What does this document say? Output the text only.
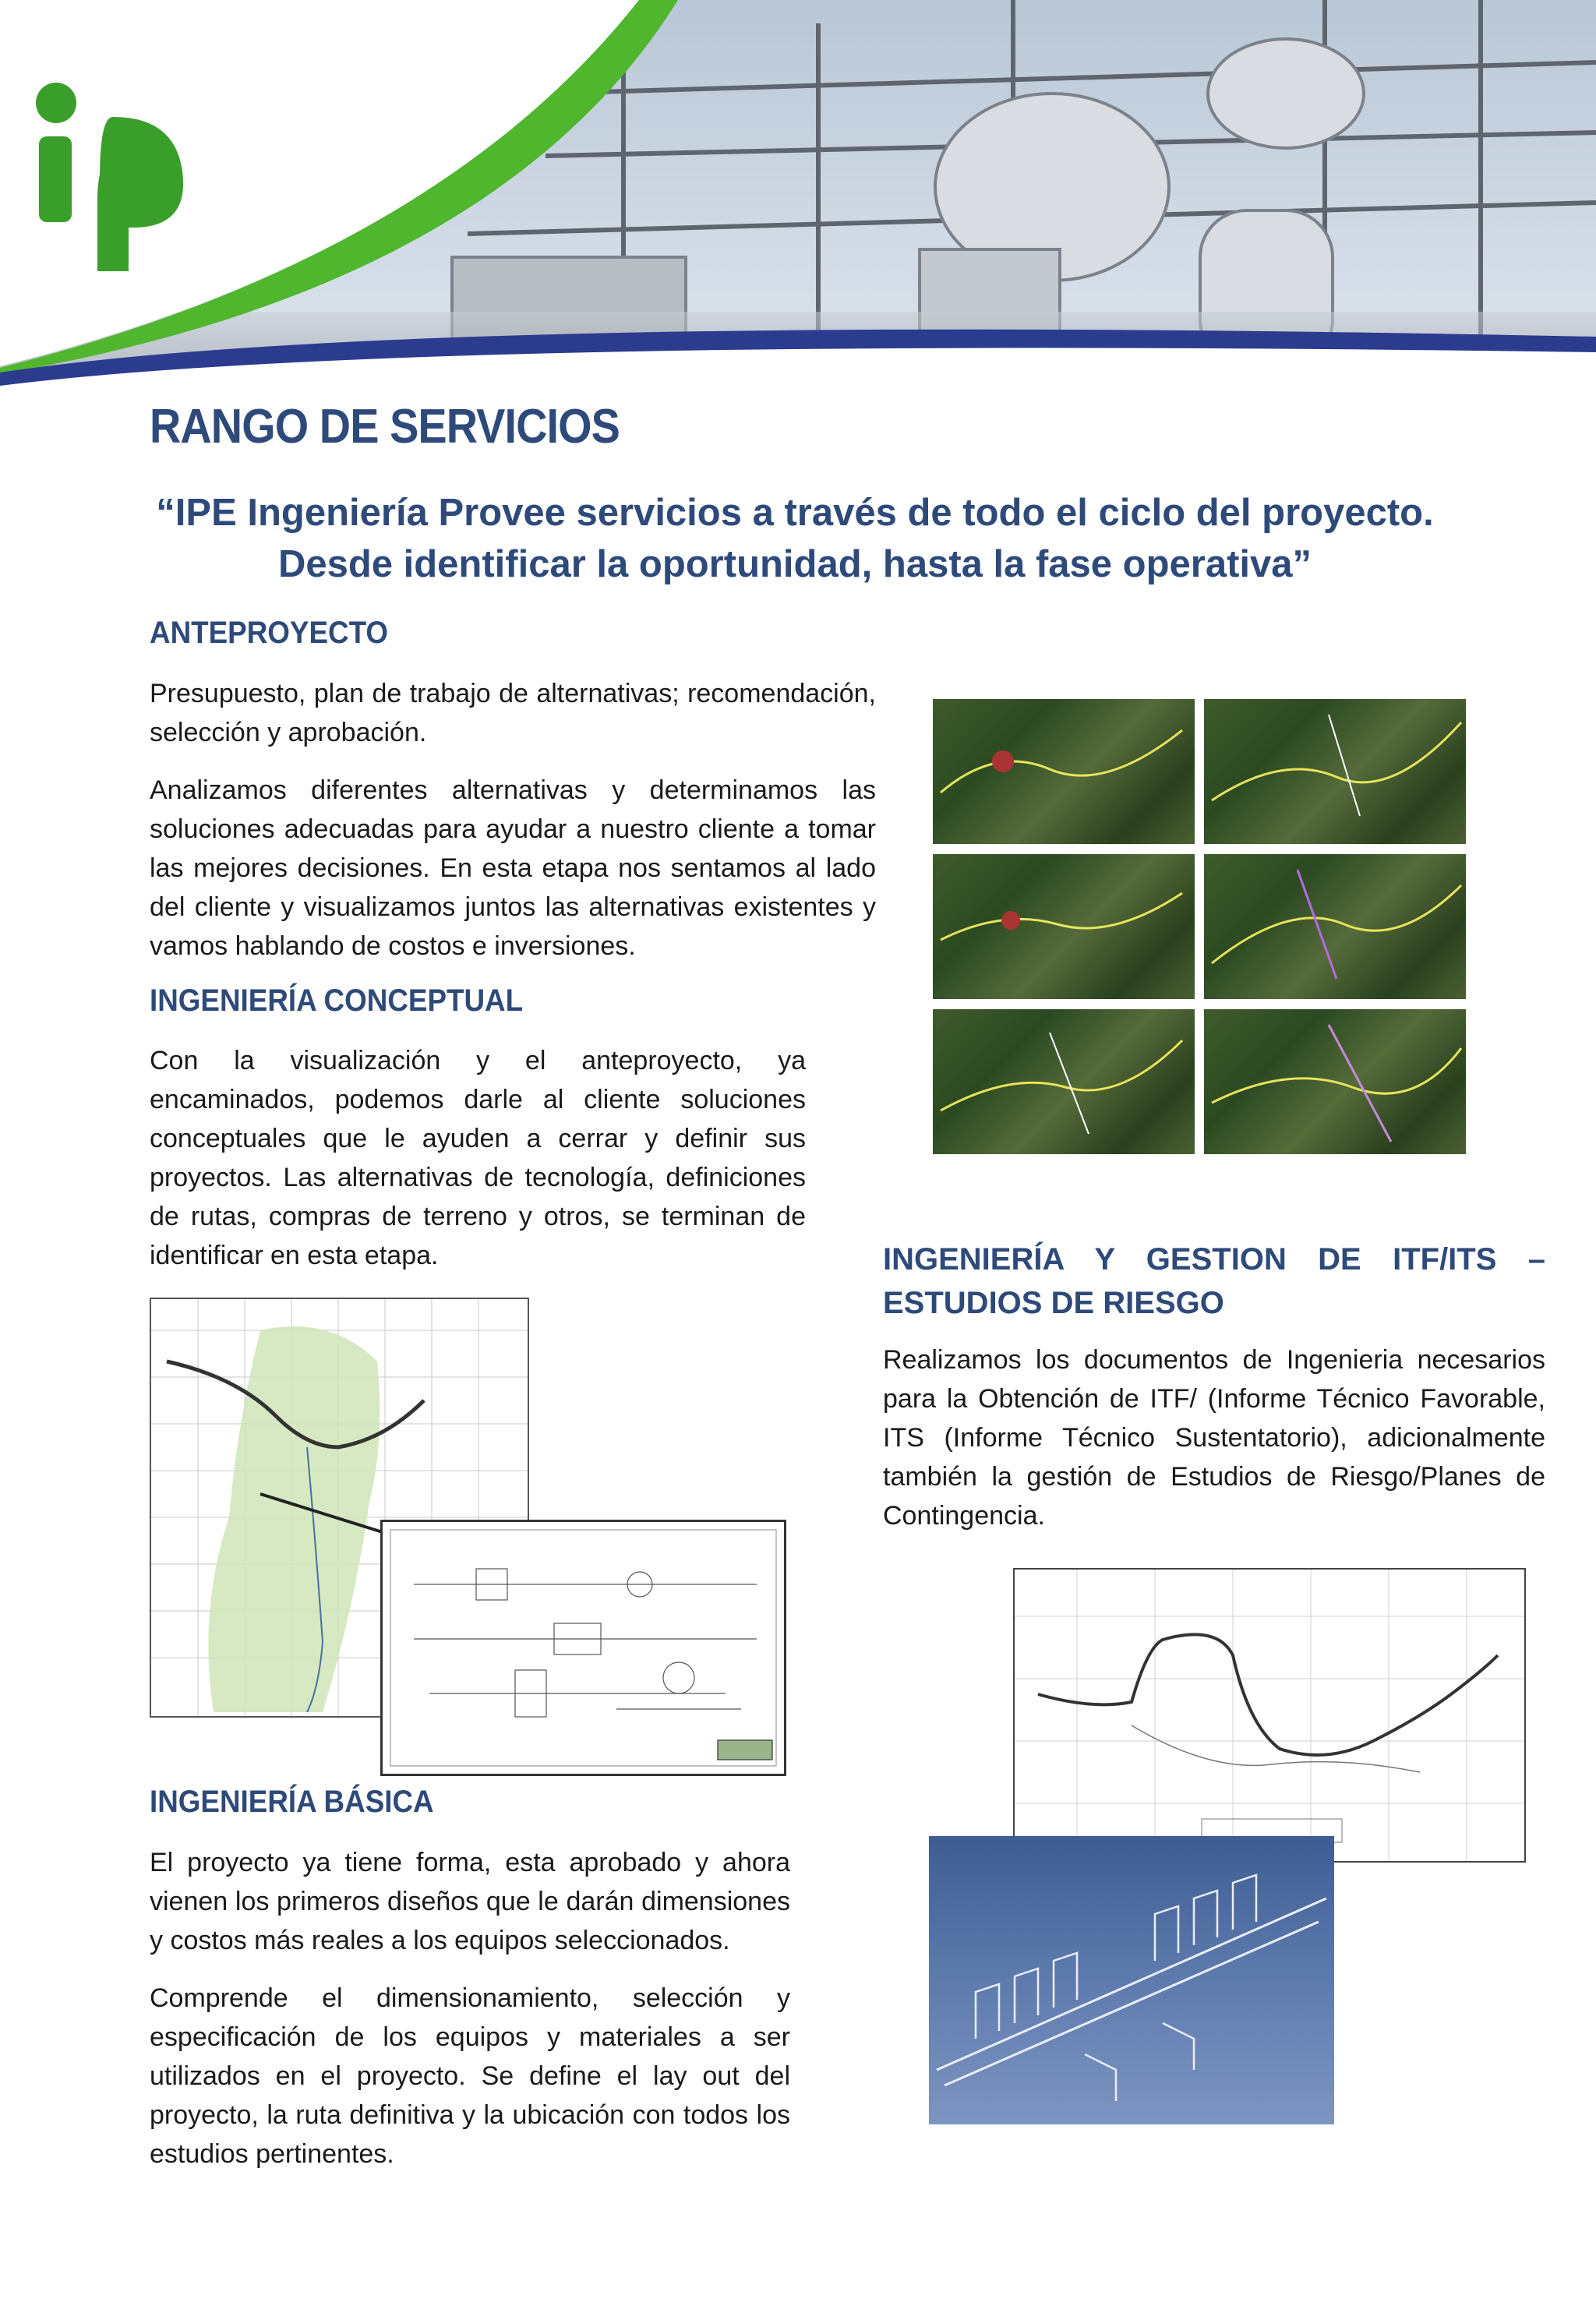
RANGO DE SERVICIOS
“IPE Ingeniería Provee servicios a través de todo el ciclo del proyecto.
Desde identificar la oportunidad, hasta la fase operativa”
ANTEPROYECTO

Presupuesto, plan de trabajo de alternativas; recomendación, selección y aprobación.

Analizamos diferentes alternativas y determinamos las soluciones adecuadas para ayudar a nuestro cliente a tomar las mejores decisiones. En esta etapa nos sentamos al lado del cliente y visualizamos juntos las alternativas existentes y vamos hablando de costos e inversiones.

INGENIERÍA CONCEPTUAL

Con la visualización y el anteproyecto, ya encaminados, podemos darle al cliente soluciones conceptuales que le ayuden a cerrar y definir sus proyectos. Las alternativas de tecnología, definiciones de rutas, compras de terreno y otros, se terminan de identificar en esta etapa.	INGENIERÍA Y GESTION DE ITF/ITS – ESTUDIOS DE RIESGO

Realizamos los documentos de Ingenieria necesarios para la Obtención de ITF/ (Informe Técnico Favorable, ITS (Informe Técnico Sustentatorio), adicionalmente también la gestión de Estudios de Riesgo/Planes de Contingencia.

INGENIERÍA BÁSICA

El proyecto ya tiene forma, esta aprobado y ahora vienen los primeros diseños que le darán dimensiones y costos más reales a los equipos seleccionados.

Comprende el dimensionamiento, selección y especificación de los equipos y materiales a ser utilizados en el proyecto. Se define el lay out del proyecto, la ruta definitiva y la ubicación con todos los estudios pertinentes.
